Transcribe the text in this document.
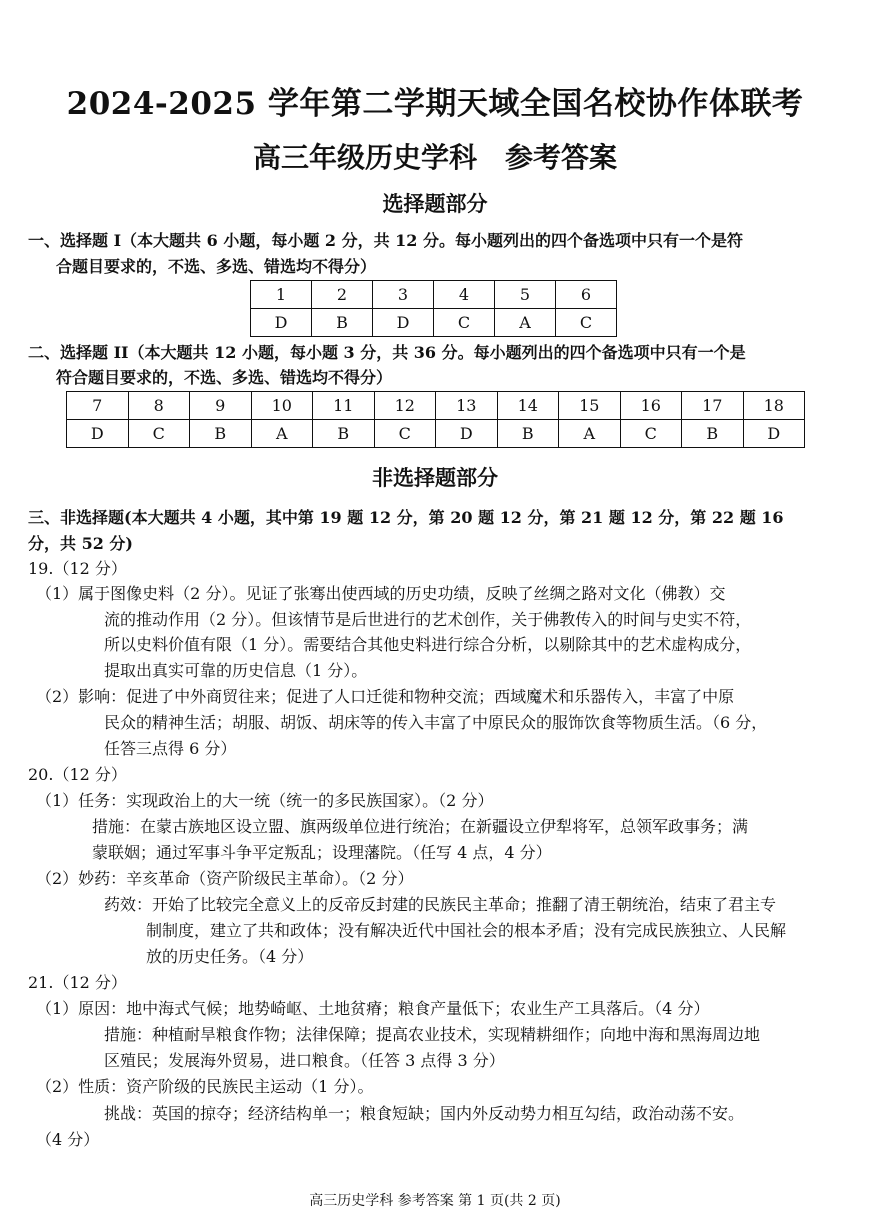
2024-2025 学年第二学期天域全国名校协作体联考
高三年级历史学科 参考答案
选择题部分
一、选择题 I（本大题共 6 小题，每小题 2 分，共 12 分。每小题列出的四个备选项中只有一个是符
合题目要求的，不选、多选、错选均不得分）
1	2	3	4	5	6
D	B	D	C	A	C
二、选择题 II（本大题共 12 小题，每小题 3 分，共 36 分。每小题列出的四个备选项中只有一个是
符合题目要求的，不选、多选、错选均不得分）
7	8	9	10	11	12	13	14	15	16	17	18
D	C	B	A	B	C	D	B	A	C	B	D
非选择题部分
三、非选择题(本大题共 4 小题，其中第 19 题 12 分，第 20 题 12 分，第 21 题 12 分，第 22 题 16
分，共 52 分)
19.（12 分）
（1）属于图像史料（2 分）。见证了张骞出使西域的历史功绩，反映了丝绸之路对文化（佛教）交
流的推动作用（2 分）。但该情节是后世进行的艺术创作，关于佛教传入的时间与史实不符，
所以史料价值有限（1 分）。需要结合其他史料进行综合分析，以剔除其中的艺术虚构成分，
提取出真实可靠的历史信息（1 分）。
（2）影响：促进了中外商贸往来；促进了人口迁徙和物种交流；西域魔术和乐器传入，丰富了中原
民众的精神生活；胡服、胡饭、胡床等的传入丰富了中原民众的服饰饮食等物质生活。（6 分，
任答三点得 6 分）
20.（12 分）
（1）任务：实现政治上的大一统（统一的多民族国家）。（2 分）
措施：在蒙古族地区设立盟、旗两级单位进行统治；在新疆设立伊犁将军，总领军政事务；满
蒙联姻；通过军事斗争平定叛乱；设理藩院。（任写 4 点，4 分）
（2）妙药：辛亥革命（资产阶级民主革命）。（2 分）
药效：开始了比较完全意义上的反帝反封建的民族民主革命；推翻了清王朝统治，结束了君主专
制制度，建立了共和政体；没有解决近代中国社会的根本矛盾；没有完成民族独立、人民解
放的历史任务。（4 分）
21.（12 分）
（1）原因：地中海式气候；地势崎岖、土地贫瘠；粮食产量低下；农业生产工具落后。（4 分）
措施：种植耐旱粮食作物；法律保障；提高农业技术，实现精耕细作；向地中海和黑海周边地
区殖民；发展海外贸易，进口粮食。（任答 3 点得 3 分）
（2）性质：资产阶级的民族民主运动（1 分）。
挑战：英国的掠夺；经济结构单一；粮食短缺；国内外反动势力相互勾结，政治动荡不安。
（4 分）
高三历史学科 参考答案 第 1 页(共 2 页)
